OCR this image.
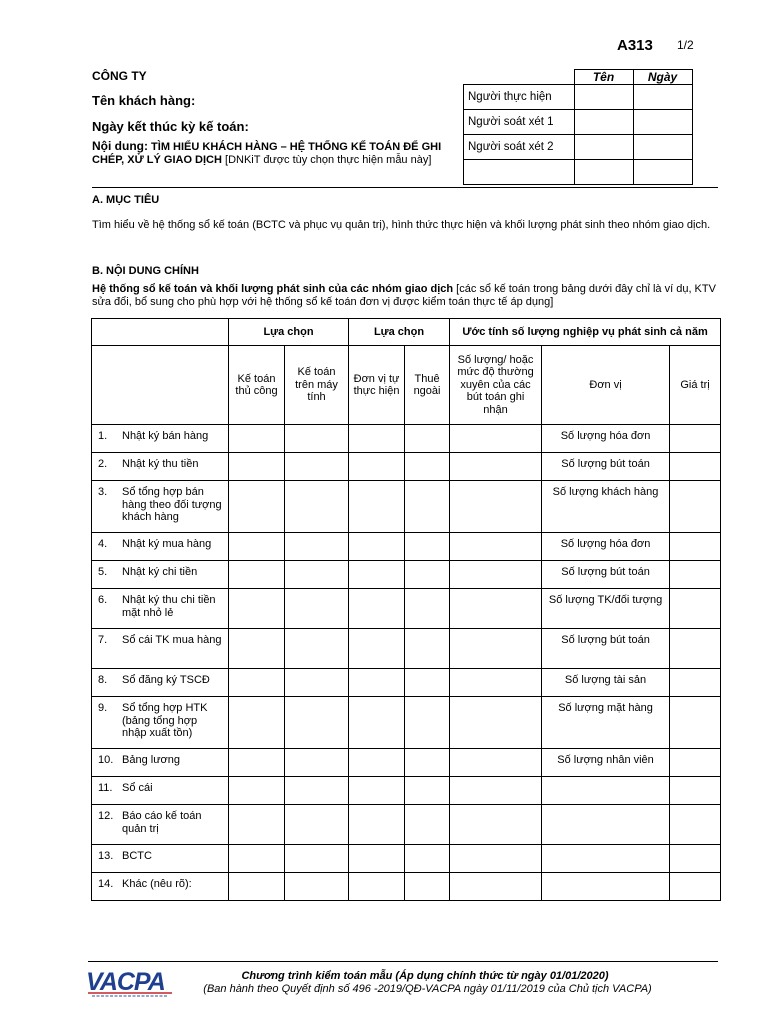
A313 1/2
CÔNG TY
Tên khách hàng:
Ngày kết thúc kỳ kế toán:
Nội dung: TÌM HIỂU KHÁCH HÀNG – HỆ THỐNG KẾ TOÁN ĐỂ GHI CHÉP, XỬ LÝ GIAO DỊCH [DNKiT được tùy chọn thực hiện mẫu này]
	Tên	Ngày
Người thực hiện		
Người soát xét 1		
Người soát xét 2		

A. MỤC TIÊU
Tìm hiểu về hệ thống sổ kế toán (BCTC và phục vụ quản trị), hình thức thực hiện và khối lượng phát sinh theo nhóm giao dịch.
B. NỘI DUNG CHÍNH
Hệ thống sổ kế toán và khối lượng phát sinh của các nhóm giao dịch [các sổ kế toán trong bảng dưới đây chỉ là ví dụ, KTV sửa đổi, bổ sung cho phù hợp với hệ thống sổ kế toán đơn vị được kiểm toán thực tế áp dụng]
	Lựa chọn		Lựa chọn		Ước tính số lượng nghiệp vụ phát sinh cả năm		
	Kế toán thủ công	Kế toán trên máy tính	Đơn vị tự thực hiện	Thuê ngoài	Số lượng/ hoặc mức độ thường xuyên của các bút toán ghi nhận	Đơn vị	Giá trị

1. Nhật ký bán hàng						Số lượng hóa đơn	

2. Nhật ký thu tiền						Số lượng bút toán	

3. Sổ tổng hợp bán hàng theo đối tượng khách hàng						Số lượng khách hàng	

4. Nhật ký mua hàng						Số lượng hóa đơn	

5. Nhật ký chi tiền						Số lượng bút toán	

6. Nhật ký thu chi tiền mặt nhỏ lẻ						Số lượng TK/đối tượng	

7. Sổ cái TK mua hàng						Số lượng bút toán	

8. Sổ đăng ký TSCĐ						Số lượng tài sản	

9. Sổ tổng hợp HTK (bảng tổng hợp nhập xuất tồn)						Số lượng mặt hàng	

10. Bảng lương						Số lượng nhân viên	

11. Sổ cái							

12. Báo cáo kế toán quản trị							

13. BCTC							

14. Khác (nêu rõ):							

VACPA	Chương trình kiểm toán mẫu (Áp dụng chính thức từ ngày 01/01/2020)
(Ban hành theo Quyết định số 496 -2019/QĐ-VACPA ngày 01/11/2019 của Chủ tịch VACPA)
